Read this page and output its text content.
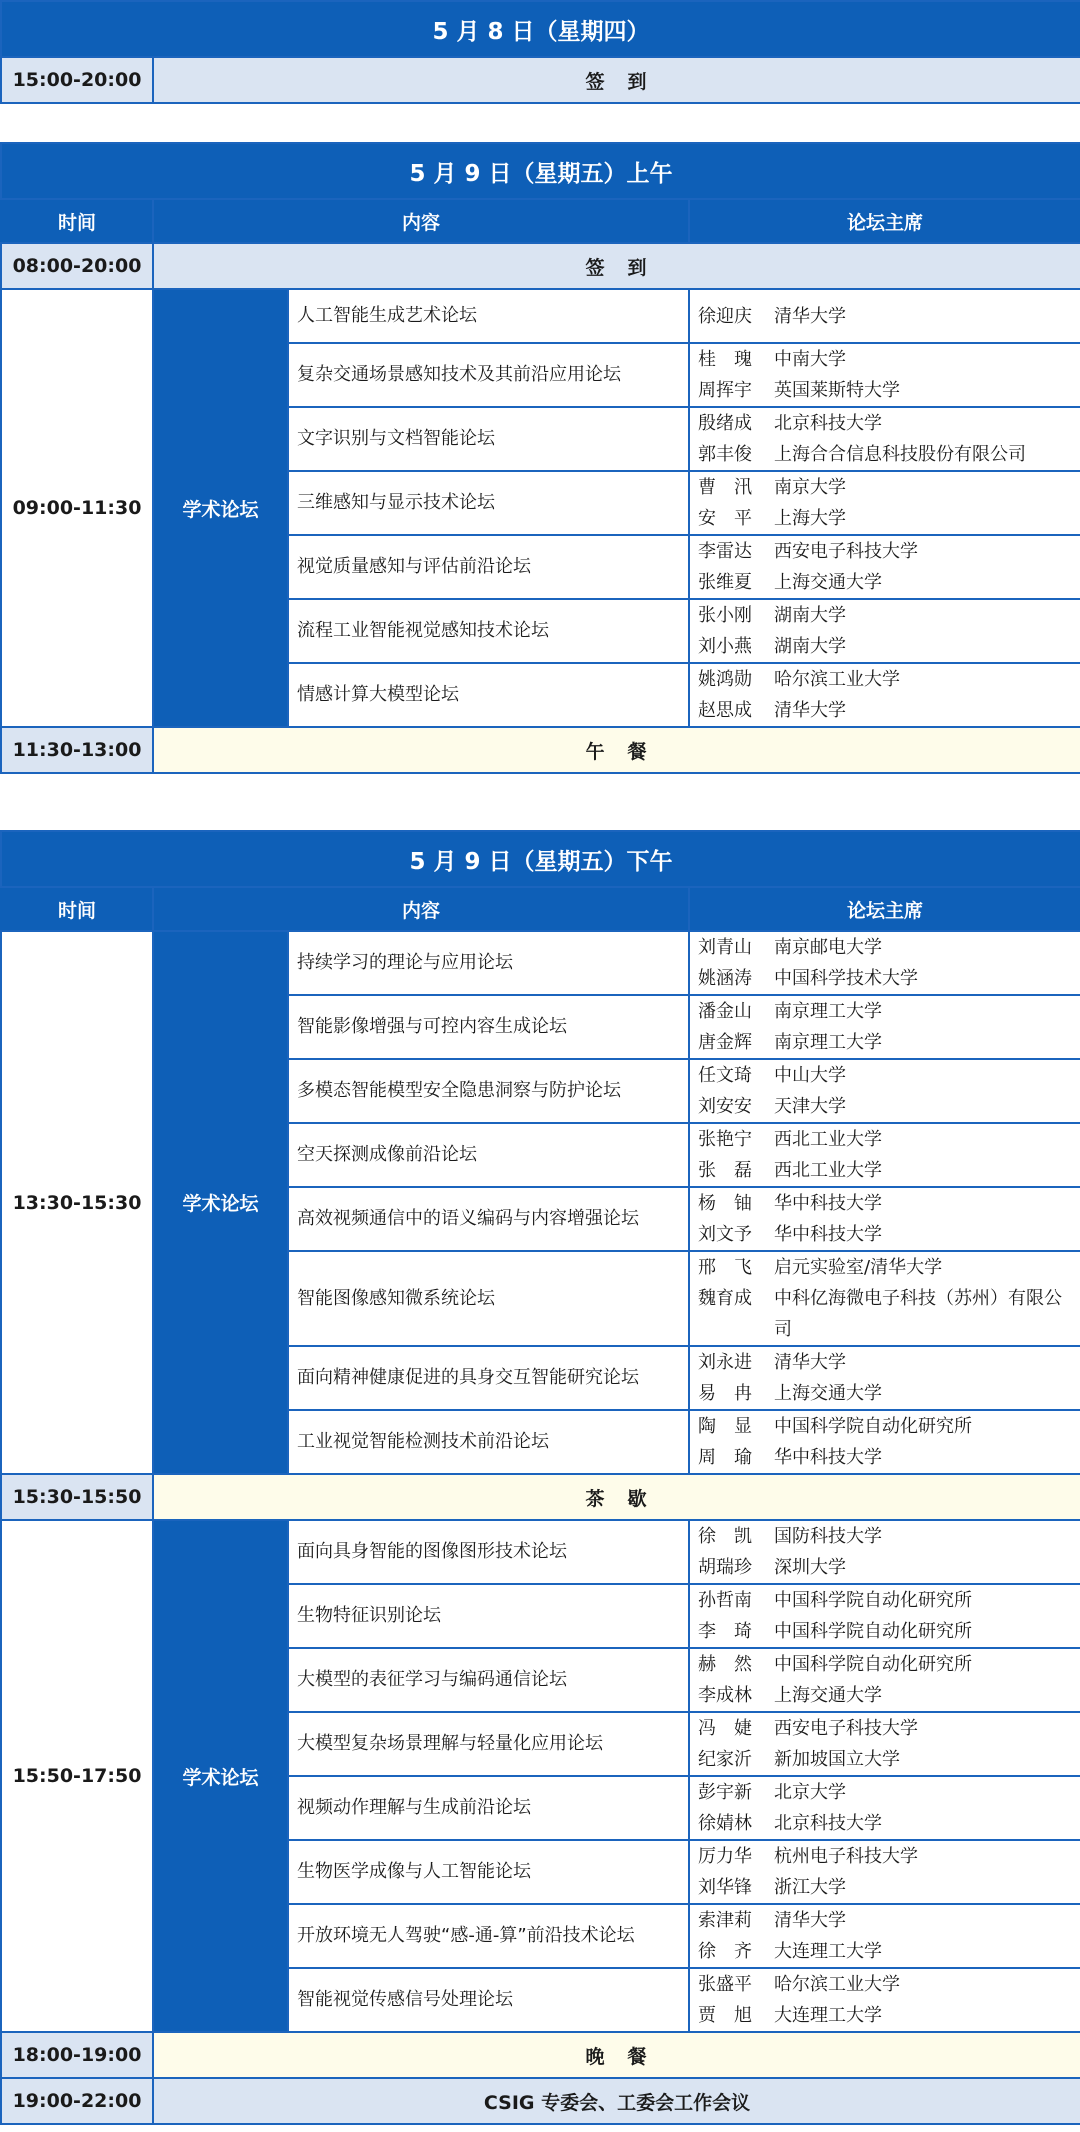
5 月 8 日（星期四）
15:00-20:00	签　到
5 月 9 日（星期五）上午			
时间	内容		论坛主席
08:00-20:00	签　到		
09:00-11:30	学术论坛	人工智能生成艺术论坛	徐迎庆 清华大学

		复杂交通场景感知技术及其前沿应用论坛	桂　瑰 中南大学
周挥宇 英国莱斯特大学

		文字识别与文档智能论坛	殷绪成 北京科技大学
郭丰俊 上海合合信息科技股份有限公司

		三维感知与显示技术论坛	曹　汛 南京大学
安　平 上海大学

		视觉质量感知与评估前沿论坛	李雷达 西安电子科技大学
张维夏 上海交通大学

		流程工业智能视觉感知技术论坛	张小刚 湖南大学
刘小燕 湖南大学

		情感计算大模型论坛	姚鸿勋 哈尔滨工业大学
赵思成 清华大学

11:30-13:00	午　餐		
5 月 9 日（星期五）下午			
时间	内容		论坛主席
13:30-15:30	学术论坛	持续学习的理论与应用论坛	刘青山 南京邮电大学
姚涵涛 中国科学技术大学

		智能影像增强与可控内容生成论坛	潘金山 南京理工大学
唐金辉 南京理工大学

		多模态智能模型安全隐患洞察与防护论坛	任文琦 中山大学
刘安安 天津大学

		空天探测成像前沿论坛	张艳宁 西北工业大学
张　磊 西北工业大学

		高效视频通信中的语义编码与内容增强论坛	杨　铀 华中科技大学
刘文予 华中科技大学

		智能图像感知微系统论坛	邢　飞 启元实验室/清华大学
魏育成 中科亿海微电子科技（苏州）有限公司

		面向精神健康促进的具身交互智能研究论坛	刘永进 清华大学
易　冉 上海交通大学

		工业视觉智能检测技术前沿论坛	陶　显 中国科学院自动化研究所
周　瑜 华中科技大学

15:30-15:50	茶　歇		
15:50-17:50	学术论坛	面向具身智能的图像图形技术论坛	徐　凯 国防科技大学
胡瑞珍 深圳大学

		生物特征识别论坛	孙哲南 中国科学院自动化研究所
李　琦 中国科学院自动化研究所

		大模型的表征学习与编码通信论坛	赫　然 中国科学院自动化研究所
李成林 上海交通大学

		大模型复杂场景理解与轻量化应用论坛	冯　婕 西安电子科技大学
纪家沂 新加坡国立大学

		视频动作理解与生成前沿论坛	彭宇新 北京大学
徐婧林 北京科技大学

		生物医学成像与人工智能论坛	厉力华 杭州电子科技大学
刘华锋 浙江大学

		开放环境无人驾驶“感-通-算”前沿技术论坛	索津莉 清华大学
徐　齐 大连理工大学

		智能视觉传感信号处理论坛	张盛平 哈尔滨工业大学
贾　旭 大连理工大学

18:00-19:00	晚　餐		
19:00-22:00	CSIG 专委会、工委会工作会议		
